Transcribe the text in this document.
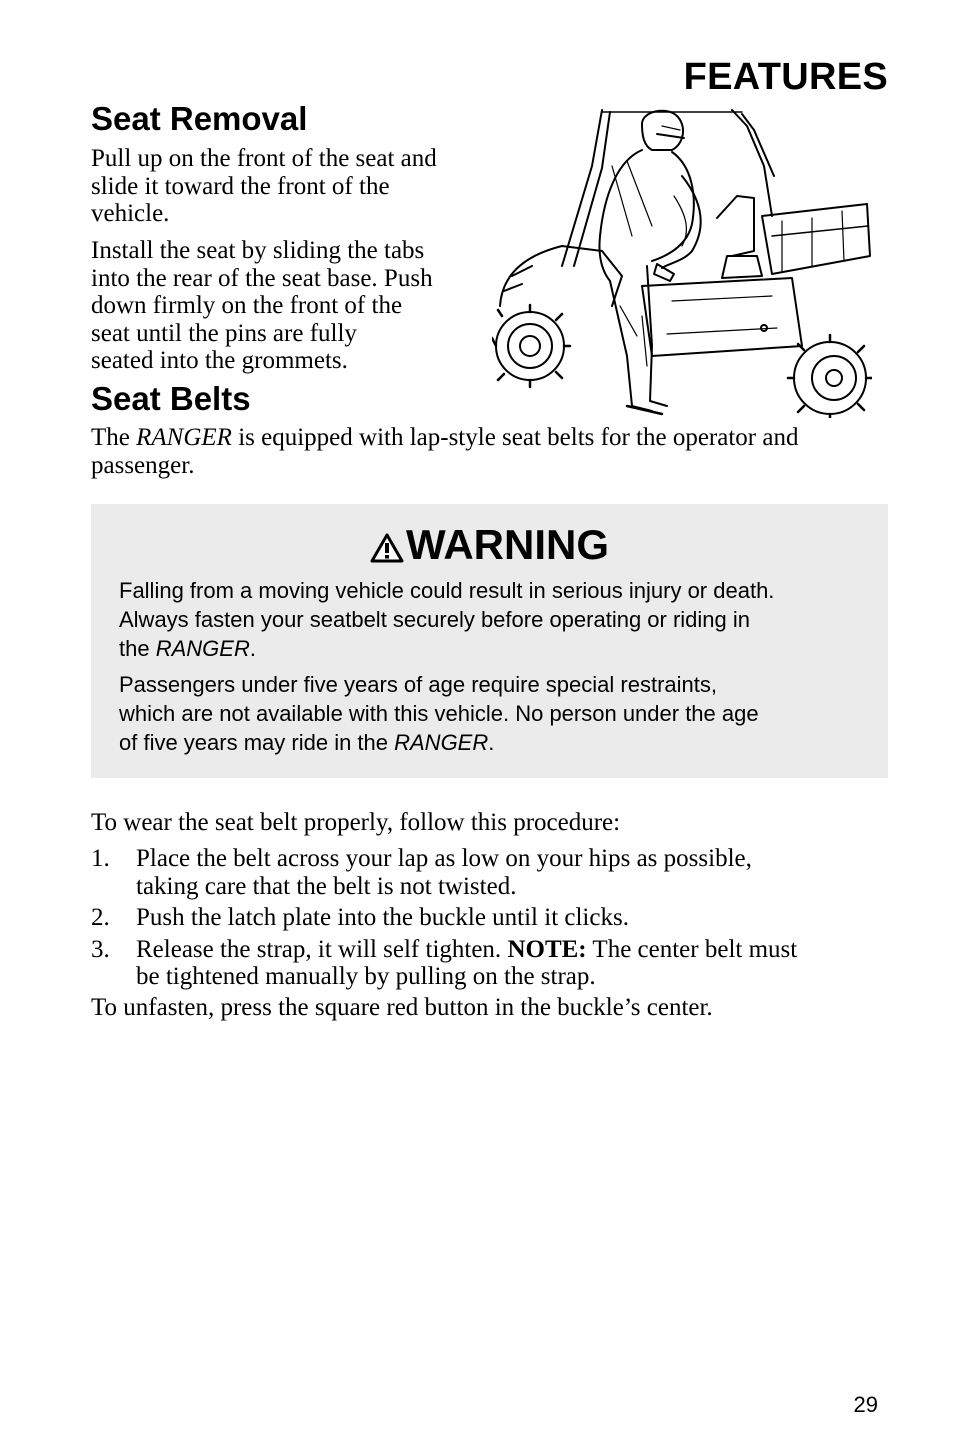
FEATURES
Seat Removal
Pull up on the front of the seat and
slide it toward the front of the
vehicle.
Install the seat by sliding the tabs
into the rear of the seat base. Push
down firmly on the front of the
seat until the pins are fully
seated into the grommets.
Seat Belts
The RANGER is equipped with lap-style seat belts for the operator and
passenger.
WARNING
Falling from a moving vehicle could result in serious injury or death.
Always fasten your seatbelt securely before operating or riding in
the RANGER.
Passengers under five years of age require special restraints,
which are not available with this vehicle. No person under the age
of five years may ride in the RANGER.
To wear the seat belt properly, follow this procedure:
1. Place the belt across your lap as low on your hips as possible,
taking care that the belt is not twisted.
2. Push the latch plate into the buckle until it clicks.
3. Release the strap, it will self tighten. NOTE: The center belt must
be tightened manually by pulling on the strap.
To unfasten, press the square red button in the buckle’s center.
29
